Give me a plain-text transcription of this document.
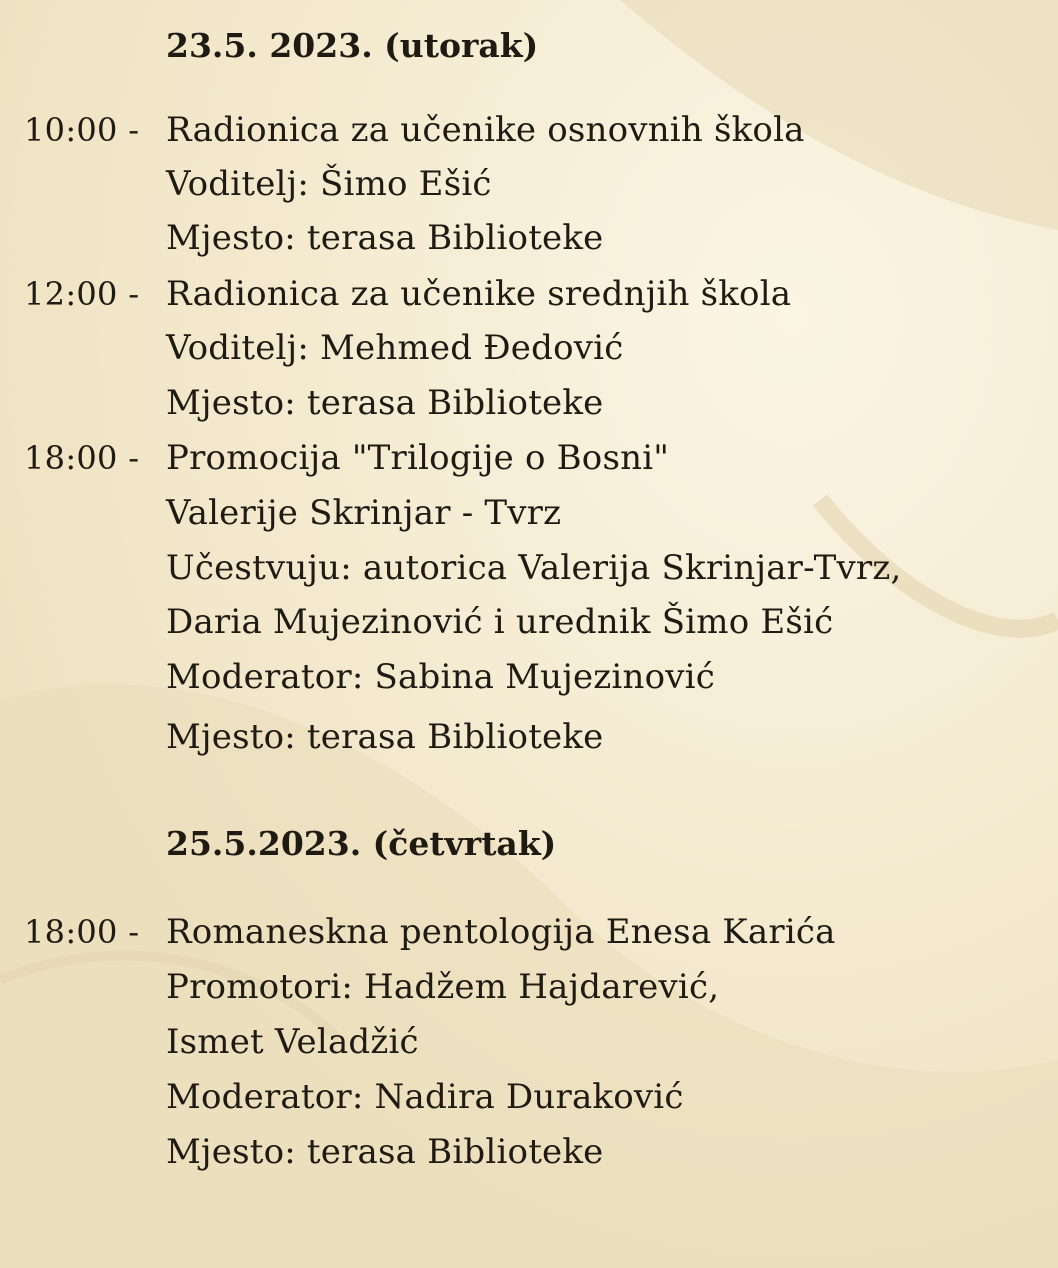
23.5. 2023. (utorak)
10:00 - Radionica za učenike osnovnih škola
Voditelj: Šimo Ešić
Mjesto: terasa Biblioteke
12:00 - Radionica za učenike srednjih škola
Voditelj: Mehmed Đedović
Mjesto: terasa Biblioteke
18:00 - Promocija "Trilogije o Bosni"
Valerije Skrinjar - Tvrz
Učestvuju: autorica Valerija Skrinjar-Tvrz,
Daria Mujezinović i urednik Šimo Ešić
Moderator: Sabina Mujezinović
Mjesto: terasa Biblioteke
25.5.2023. (četvrtak)
18:00 - Romaneskna pentologija Enesa Karića
Promotori: Hadžem Hajdarević,
Ismet Veladžić
Moderator: Nadira Duraković
Mjesto: terasa Biblioteke
